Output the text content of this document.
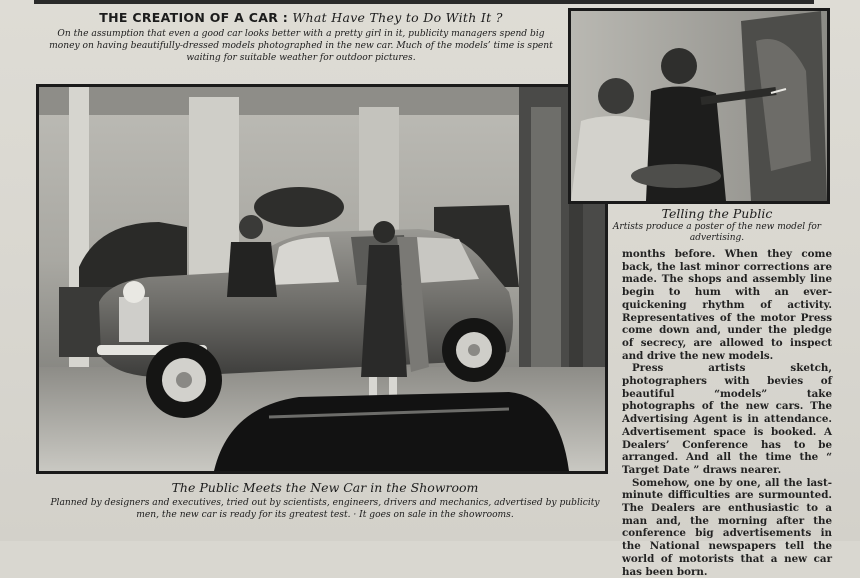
THE CREATION OF A CAR : What Have They to Do With It ?
On the assumption that even a good car looks better with a pretty girl in it, publicity managers spend big money on having beautifully-dressed models photographed in the new car. Much of the models’ time is spent waiting for suitable weather for outdoor pictures.
The Public Meets the New Car in the Showroom
Planned by designers and executives, tried out by scientists, engineers, drivers and mechanics, advertised by publicity men, the new car is ready for its greatest test. · It goes on sale in the showrooms.
Telling the Public
Artists produce a poster of the new model for advertising.

months before. When they come back, the last minor corrections are made. The shops and assembly line begin to hum with an ever-quickening rhythm of activity. Representatives of the motor Press come down and, under the pledge of secrecy, are allowed to inspect and drive the new models.

Press artists sketch, photographers with bevies of beautiful “models” take photographs of the new cars. The Advertising Agent is in attendance. Advertisement space is booked. A Dealers’ Conference has to be arranged. And all the time the “ Target Date ” draws nearer.

Somehow, one by one, all the last-minute difficulties are surmounted. The Dealers are enthusiastic to a man and, the morning after the conference big advertisements in the National newspapers tell the world of motorists that a new car has been born.
